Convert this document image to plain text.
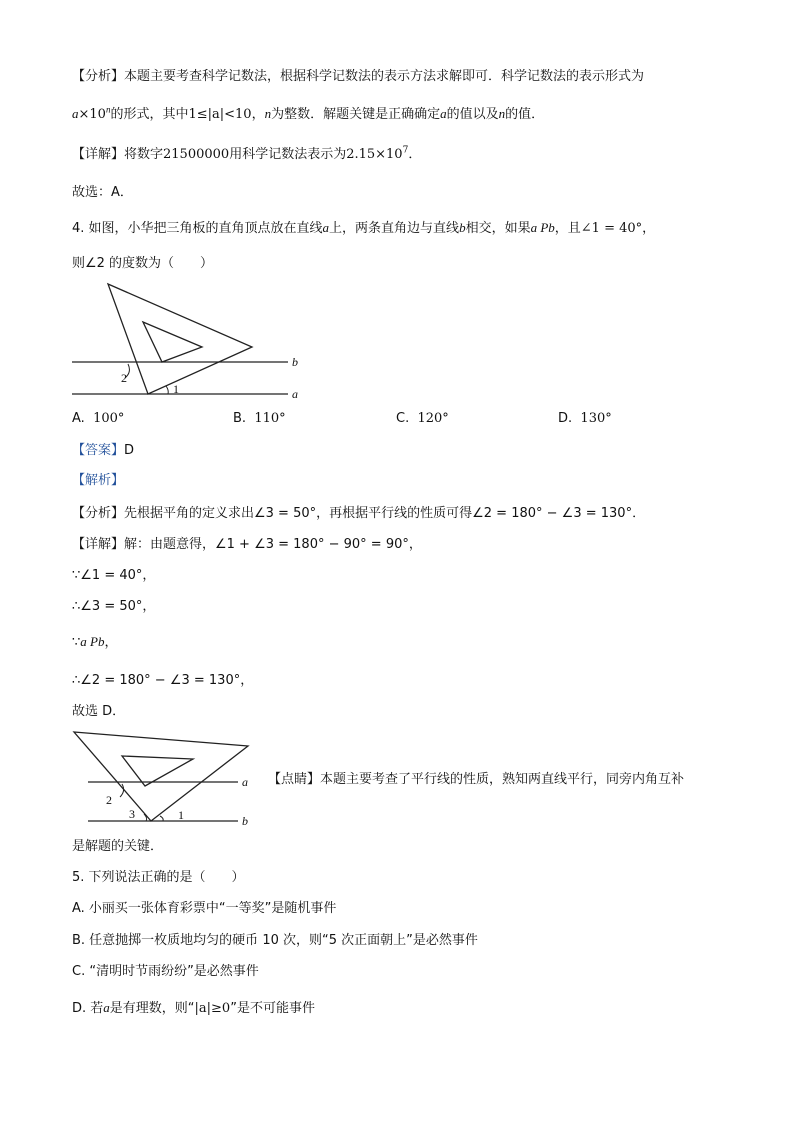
【分析】本题主要考查科学记数法，根据科学记数法的表示方法求解即可．科学记数法的表示形式为
$a\times 10^n$的形式，其中1≤|a|<10，n为整数．解题关键是正确确定a的值以及n的值．
【详解】将数字21500000用科学记数法表示为$2.15\times 10^7$．
故选：A．
4. 如图，小华把三角板的直角顶点放在直线a上，两条直角边与直线b相交，如果a Pb，且∠1 = 40°，
则∠2 的度数为（　　）
2
1
b
a
A. 100°	B. 110°	C. 120°	D. 130°
【答案】D
【解析】
【分析】先根据平角的定义求出∠3 = 50°，再根据平行线的性质可得∠2 = 180° − ∠3 = 130°．
【详解】解：由题意得，∠1 + ∠3 = 180° − 90° = 90°，
∵∠1 = 40°，
∴∠3 = 50°，
∵a Pb，
∴∠2 = 180° − ∠3 = 130°，
故选 D．
2
3	1
a
b
【点睛】本题主要考查了平行线的性质，熟知两直线平行，同旁内角互补
是解题的关键．
5. 下列说法正确的是（　　）
A. 小丽买一张体育彩票中“一等奖”是随机事件
B. 任意抛掷一枚质地均匀的硬币 10 次，则“5 次正面朝上”是必然事件
C. “清明时节雨纷纷”是必然事件
D. 若a是有理数，则“|a|≥0”是不可能事件
